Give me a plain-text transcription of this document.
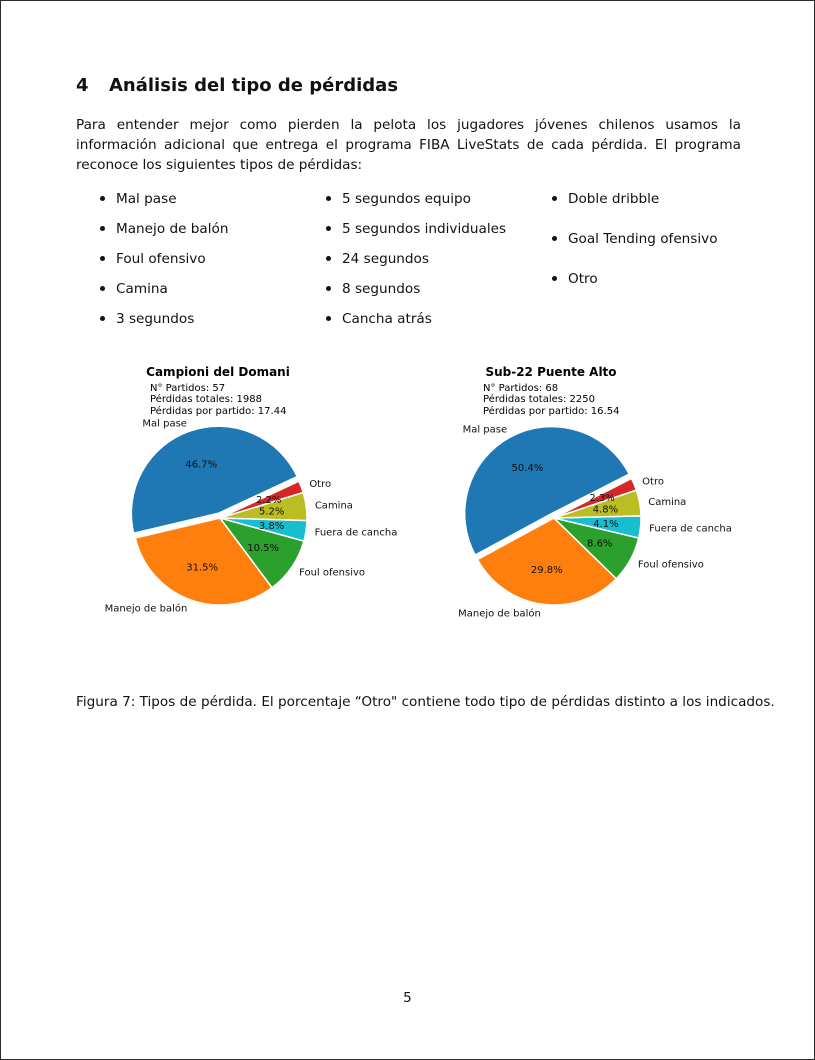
4 Análisis del tipo de pérdidas

Para entender mejor como pierden la pelota los jugadores jóvenes chilenos usamos la información adicional que entrega el programa FIBA LiveStats de cada pérdida. El programa reconoce los siguientes tipos de pérdidas:

Mal pase
Manejo de balón
Foul ofensivo
Camina
3 segundos
5 segundos equipo
5 segundos individuales
24 segundos
8 segundos
Cancha atrás
Doble dribble
Goal Tending ofensivo
Otro
Campioni del Domani
N° Partidos: 57
Pérdidas totales: 1988
Pérdidas por partido: 17.44
46.7%
Mal pase
31.5%
Manejo de balón
10.5%
Foul ofensivo
3.8%
Fuera de cancha
5.2%
Camina
2.2%
Otro
Sub-22 Puente Alto
N° Partidos: 68
Pérdidas totales: 2250
Pérdidas por partido: 16.54
50.4%
Mal pase
29.8%
Manejo de balón
8.6%
Foul ofensivo
4.1%	Fuera de cancha
4.8%
Camina
2.3%
Otro

Figura 7: Tipos de pérdida. El porcentaje “Otro" contiene todo tipo de pérdidas distinto a los indicados.

5
